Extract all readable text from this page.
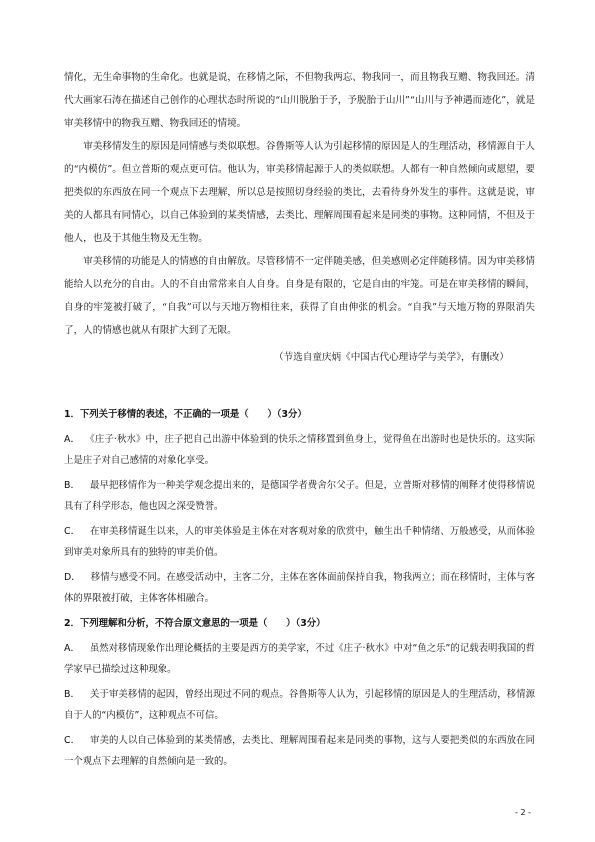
情化，无生命事物的生命化。也就是说，在移情之际，不但物我两忘、物我同一，而且物我互赠、物我回还。清代大画家石涛在描述自己创作的心理状态时所说的“山川脱胎于予，予脱胎于山川”“山川与予神遇而迹化”，就是审美移情中的物我互赠、物我回还的情境。

审美移情发生的原因是同情感与类似联想。谷鲁斯等人认为引起移情的原因是人的生理活动，移情源自于人的“内模仿”。但立普斯的观点更可信。他认为，审美移情起源于人的类似联想。人都有一种自然倾向或愿望，要把类似的东西放在同一个观点下去理解，所以总是按照切身经验的类比，去看待身外发生的事件。这就是说，审美的人都具有同情心，以自己体验到的某类情感，去类比、理解周围看起来是同类的事物。这种同情，不但及于他人，也及于其他生物及无生物。

审美移情的功能是人的情感的自由解放。尽管移情不一定伴随美感，但美感则必定伴随移情。因为审美移情能给人以充分的自由。人的不自由常常来自人自身。自身是有限的，它是自由的牢笼。可是在审美移情的瞬间，自身的牢笼被打破了，“自我”可以与天地万物相往来，获得了自由伸张的机会。“自我”与天地万物的界限消失了，人的情感也就从有限扩大到了无限。

（节选自童庆炳《中国古代心理诗学与美学》，有删改）

1．下列关于移情的表述，不正确的一项是（　　）（3分）

A． 《庄子·秋水》中，庄子把自己出游中体验到的快乐之情移置到鱼身上，觉得鱼在出游时也是快乐的。这实际上是庄子对自己感情的对象化享受。

B． 最早把移情作为一种美学观念提出来的，是德国学者费舍尔父子。但是，立普斯对移情的阐释才使得移情说具有了科学形态，他也因之深受赞誉。

C． 在审美移情诞生以来，人的审美体验是主体在对客观对象的欣赏中，触生出千种情绪、万般感受，从而体验到审美对象所具有的独特的审美价值。

D． 移情与感受不同。在感受活动中，主客二分，主体在客体面前保持自我，物我两立；而在移情时，主体与客体的界限被打破，主体客体相融合。

2．下列理解和分析，不符合原文意思的一项是（　　）（3分）

A． 虽然对移情现象作出理论概括的主要是西方的美学家，不过《庄子·秋水》中对“鱼之乐”的记载表明我国的哲学家早已描绘过这种现象。

B． 关于审美移情的起因，曾经出现过不同的观点。谷鲁斯等人认为，引起移情的原因是人的生理活动，移情源自于人的“内模仿”，这种观点不可信。

C． 审美的人以自己体验到的某类情感，去类比、理解周围看起来是同类的事物，这与人要把类似的东西放在同一个观点下去理解的自然倾向是一致的。

- 2 -
